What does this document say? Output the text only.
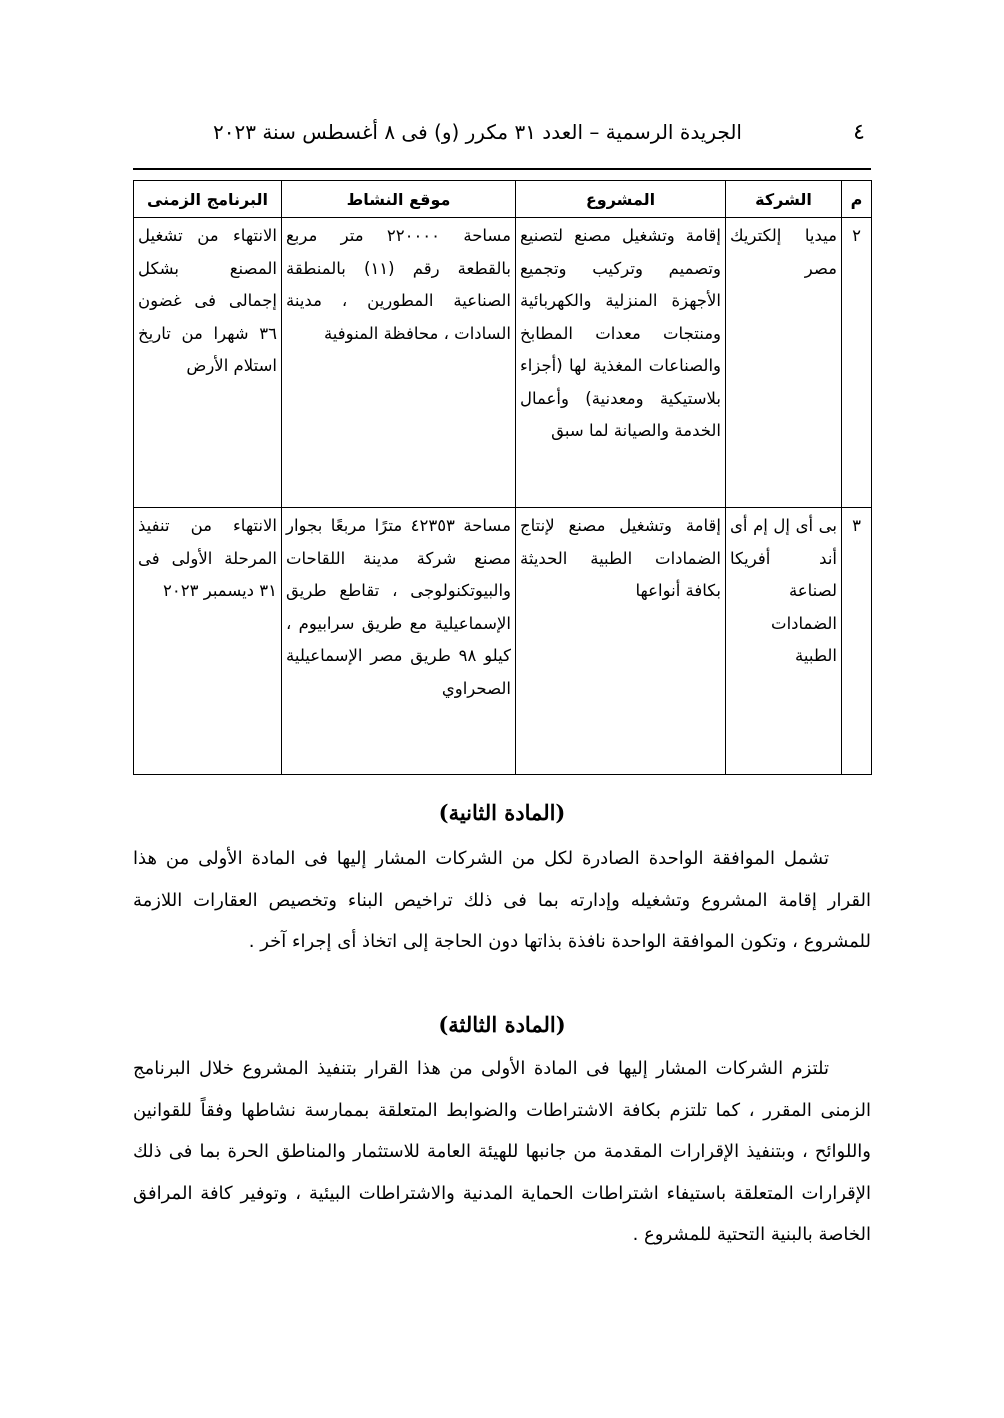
٤
الجريدة الرسمية – العدد ٣١ مكرر (و) فى ٨ أغسطس سنة ٢٠٢٣
م	الشركة	المشروع	موقع النشاط	البرنامج الزمنى
٢	ميديا إلكتريك مصر	إقامة وتشغيل مصنع لتصنيع وتصميم وتركيب وتجميع الأجهزة المنزلية والكهربائية ومنتجات معدات المطابخ والصناعات المغذية لها (أجزاء بلاستيكية ومعدنية) وأعمال الخدمة والصيانة لما سبق	مساحة ٢٢٠٠٠٠ متر مربع بالقطعة رقم (١١) بالمنطقة الصناعية المطورين ، مدينة السادات ، محافظة المنوفية	الانتهاء من تشغيل المصنع بشكل إجمالى فى غضون ٣٦ شهرا من تاريخ استلام الأرض
٣	بى أى إل إم أى أند أفريكا لصناعة الضمادات الطبية	إقامة وتشغيل مصنع لإنتاج الضمادات الطبية الحديثة بكافة أنواعها	مساحة ٤٢٣٥٣ مترًا مربعًا بجوار مصنع شركة مدينة اللقاحات والبيوتكنولوجى ، تقاطع طريق الإسماعيلية مع طريق سرابيوم ، كيلو ٩٨ طريق مصر الإسماعيلية الصحراوي	الانتهاء من تنفيذ المرحلة الأولى فى ٣١ ديسمبر ٢٠٢٣
(المادة الثانية)

تشمل الموافقة الواحدة الصادرة لكل من الشركات المشار إليها فى المادة الأولى من هذا القرار إقامة المشروع وتشغيله وإدارته بما فى ذلك تراخيص البناء وتخصيص العقارات اللازمة للمشروع ، وتكون الموافقة الواحدة نافذة بذاتها دون الحاجة إلى اتخاذ أى إجراء آخر .

(المادة الثالثة)

تلتزم الشركات المشار إليها فى المادة الأولى من هذا القرار بتنفيذ المشروع خلال البرنامج الزمنى المقرر ، كما تلتزم بكافة الاشتراطات والضوابط المتعلقة بممارسة نشاطها وفقاً للقوانين واللوائح ، وبتنفيذ الإقرارات المقدمة من جانبها للهيئة العامة للاستثمار والمناطق الحرة بما فى ذلك الإقرارات المتعلقة باستيفاء اشتراطات الحماية المدنية والاشتراطات البيئية ، وتوفير كافة المرافق الخاصة بالبنية التحتية للمشروع .
